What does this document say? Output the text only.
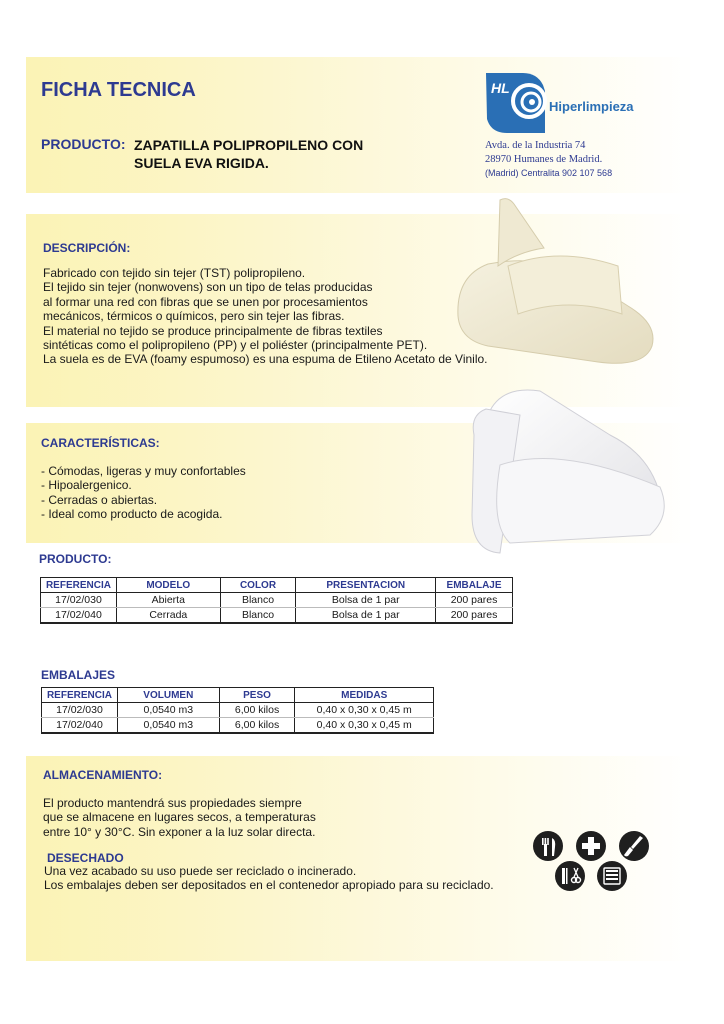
FICHA TECNICA
PRODUCTO: ZAPATILLA POLIPROPILENO CON
SUELA EVA RIGIDA.
HL
Hiperlimpieza
Avda. de la Industria 74
28970 Humanes de Madrid.
(Madrid) Centralita 902 107 568
DESCRIPCIÓN:
Fabricado con tejido sin tejer (TST) polipropileno.
El tejido sin tejer (nonwovens) son un tipo de telas producidas
al formar una red con fibras que se unen por procesamientos
mecánicos, térmicos o químicos, pero sin tejer las fibras.
El material no tejido se produce principalmente de fibras textiles
sintéticas como el polipropileno (PP) y el poliéster (principalmente PET).
La suela es de EVA (foamy espumoso) es una espuma de Etileno Acetato de Vinilo.
CARACTERÍSTICAS:
- Cómodas, ligeras y muy confortables
- Hipoalergenico.
- Cerradas o abiertas.
- Ideal como producto de acogida.
PRODUCTO:
REFERENCIA	MODELO	COLOR	PRESENTACION	EMBALAJE
17/02/030	Abierta	Blanco	Bolsa de 1 par	200 pares
17/02/040	Cerrada	Blanco	Bolsa de 1 par	200 pares
EMBALAJES
REFERENCIA	VOLUMEN	PESO	MEDIDAS
17/02/030	0,0540 m3	6,00 kilos	0,40 x 0,30 x 0,45 m
17/02/040	0,0540 m3	6,00 kilos	0,40 x 0,30 x 0,45 m
ALMACENAMIENTO:
El producto mantendrá sus propiedades siempre
que se almacene en lugares secos, a temperaturas
entre 10° y 30°C. Sin exponer a la luz solar directa.
DESECHADO
Una vez acabado su uso puede ser reciclado o incinerado.
Los embalajes deben ser depositados en el contenedor apropiado para su reciclado.
